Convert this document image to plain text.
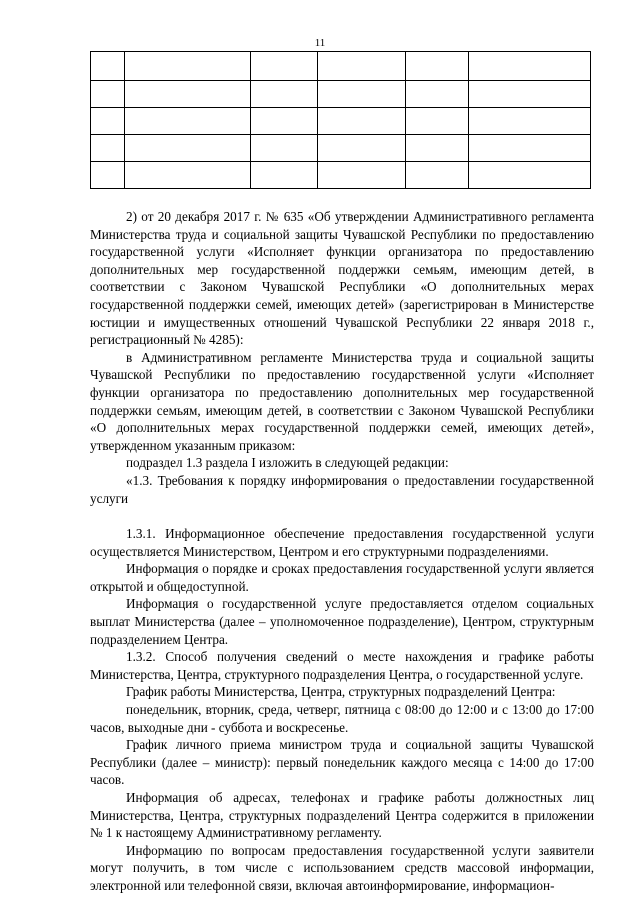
11

2) от 20 декабря 2017 г. № 635 «Об утверждении Административного регламента Министерства труда и социальной защиты Чувашской Республики по предоставлению государственной услуги «Исполняет функции организатора по предоставлению дополнительных мер государственной поддержки семьям, имеющим детей, в соответствии с Законом Чувашской Республики «О дополнительных мерах государственной поддержки семей, имеющих детей» (зарегистрирован в Министерстве юстиции и имущественных отношений Чувашской Республики 22 января 2018 г., регистрационный № 4285):

в Административном регламенте Министерства труда и социальной защиты Чувашской Республики по предоставлению государственной услуги «Исполняет функции организатора по предоставлению дополнительных мер государственной поддержки семьям, имеющим детей, в соответствии с Законом Чувашской Республики «О дополнительных мерах государственной поддержки семей, имеющих детей», утвержденном указанным приказом:

подраздел 1.3 раздела I изложить в следующей редакции:

«1.3. Требования к порядку информирования о предоставлении государственной услуги

1.3.1. Информационное обеспечение предоставления государственной услуги осуществляется Министерством, Центром и его структурными подразделениями.

Информация о порядке и сроках предоставления государственной услуги является открытой и общедоступной.

Информация о государственной услуге предоставляется отделом социальных выплат Министерства (далее – уполномоченное подразделение), Центром, структурным подразделением Центра.

1.3.2. Способ получения сведений о месте нахождения и графике работы Министерства, Центра, структурного подразделения Центра, о государственной услуге.

График работы Министерства, Центра, структурных подразделений Центра:

понедельник, вторник, среда, четверг, пятница с 08:00 до 12:00 и с 13:00 до 17:00 часов, выходные дни - суббота и воскресенье.

График личного приема министром труда и социальной защиты Чувашской Республики (далее – министр): первый понедельник каждого месяца с 14:00 до 17:00 часов.

Информация об адресах, телефонах и графике работы должностных лиц Министерства, Центра, структурных подразделений Центра содержится в приложении № 1 к настоящему Административному регламенту.

Информацию по вопросам предоставления государственной услуги заявители могут получить, в том числе с использованием средств массовой информации, электронной или телефонной связи, включая автоинформирование, информацион-
